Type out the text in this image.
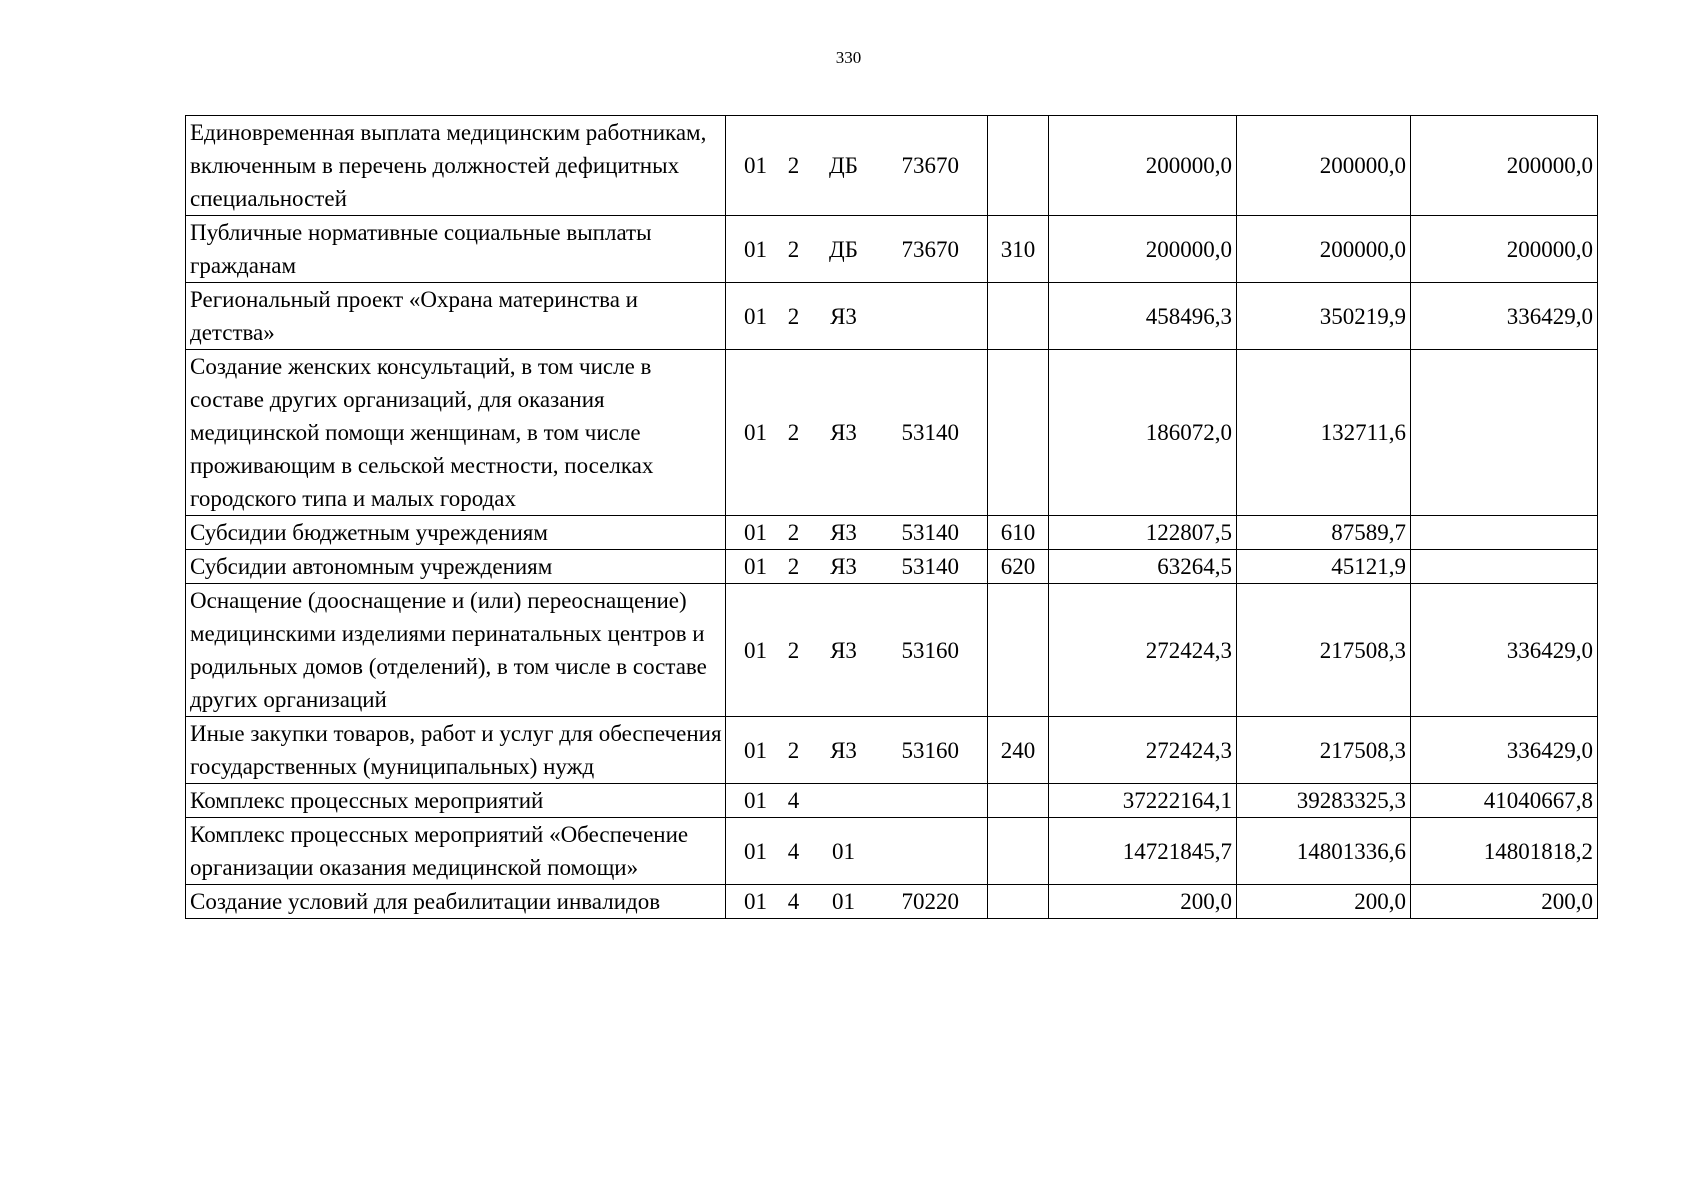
330
Единовременная выплата медицинским работникам, включенным в перечень должностей дефицитных специальностей	01	2	ДБ	73670		200000,0	200000,0	200000,0
Публичные нормативные социальные выплаты гражданам	01	2	ДБ	73670	310	200000,0	200000,0	200000,0
Региональный проект «Охрана материнства и детства»	01	2	Я3			458496,3	350219,9	336429,0
Создание женских консультаций, в том числе в составе других организаций, для оказания медицинской помощи женщинам, в том числе проживающим в сельской местности, поселках городского типа и малых городах	01	2	Я3	53140		186072,0	132711,6	
Субсидии бюджетным учреждениям	01	2	Я3	53140	610	122807,5	87589,7	
Субсидии автономным учреждениям	01	2	Я3	53140	620	63264,5	45121,9	
Оснащение (дооснащение и (или) переоснащение) медицинскими изделиями перинатальных центров и родильных домов (отделений), в том числе в составе других организаций	01	2	Я3	53160		272424,3	217508,3	336429,0
Иные закупки товаров, работ и услуг для обеспечения государственных (муниципальных) нужд	01	2	Я3	53160	240	272424,3	217508,3	336429,0
Комплекс процессных мероприятий	01	4				37222164,1	39283325,3	41040667,8
Комплекс процессных мероприятий «Обеспечение организации оказания медицинской помощи»	01	4	01			14721845,7	14801336,6	14801818,2
Создание условий для реабилитации инвалидов	01	4	01	70220		200,0	200,0	200,0
